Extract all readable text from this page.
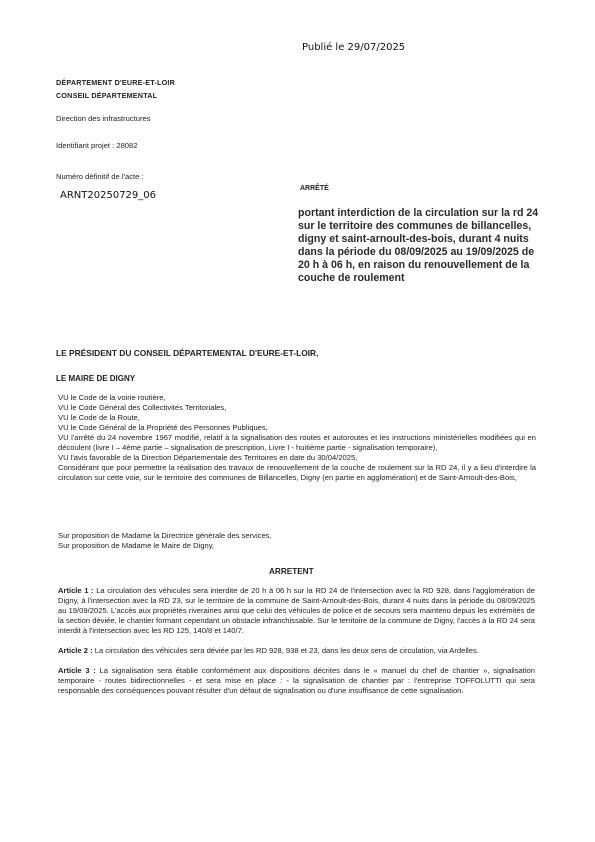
Publié le 29/07/2025
DÉPARTEMENT D'EURE-ET-LOIR
CONSEIL DÉPARTEMENTAL
Direction des infrastructures
Identifiant projet : 28082
Numéro définitif de l'acte :
ARNT20250729_06
ARRÊTÉ
portant interdiction de la circulation sur la rd 24 sur le territoire des communes de billancelles, digny et saint-arnoult-des-bois, durant 4 nuits dans la période du 08/09/2025 au 19/09/2025 de 20 h à 06 h, en raison du renouvellement de la couche de roulement
LE PRÉSIDENT DU CONSEIL DÉPARTEMENTAL D'EURE-ET-LOIR,
LE MAIRE DE DIGNY

VU le Code de la voirie routière,

VU le Code Général des Collectivités Territoriales,

VU le Code de la Route,

VU le Code Général de la Propriété des Personnes Publiques,

VU l'arrêté du 24 novembre 1967 modifié, relatif à la signalisation des routes et autoroutes et les instructions ministérielles modifiées qui en découlent (livre I – 4ème partie – signalisation de prescription, Livre I - huitième partie - signalisation temporaire),

VU l'avis favorable de la Direction Départementale des Territoires en date du 30/04/2025,

Considérant que pour permettre la réalisation des travaux de renouvellement de la couche de roulement sur la RD 24, il y a lieu d'interdire la circulation sur cette voie, sur le territoire des communes de Billancelles, Digny (en partie en agglomération) et de Saint-Arnoult-des-Bois,

Sur proposition de Madame la Directrice générale des services,

Sur proposition de Madame le Maire de Digny,

ARRETENT

Article 1 : La circulation des véhicules sera interdite de 20 h à 06 h sur la RD 24 de l'intersection avec la RD 928, dans l'agglomération de Digny, à l'intersection avec la RD 23, sur le territoire de la commune de Saint-Arnoult-des-Bois, durant 4 nuits dans la période du 08/09/2025 au 19/09/2025. L'accès aux propriétés riveraines ainsi que celui des véhicules de police et de secours sera maintenu depuis les extrémités de la section déviée, le chantier formant cependant un obstacle infranchissable. Sur le territoire de la commune de Digny, l'accès à la RD 24 sera interdit à l'intersection avec les RD 125, 140/8 et 140/7.

Article 2 : La circulation des véhicules sera déviée par les RD 928, 938 et 23, dans les deux sens de circulation, via Ardelles.

Article 3 : La signalisation sera établie conformément aux dispositions décrites dans le « manuel du chef de chantier », signalisation temporaire - routes bidirectionnelles - et sera mise en place : - la signalisation de chantier par : l'entreprise TOFFOLUTTI qui sera responsable des conséquences pouvant résulter d'un défaut de signalisation ou d'une insuffisance de cette signalisation.
